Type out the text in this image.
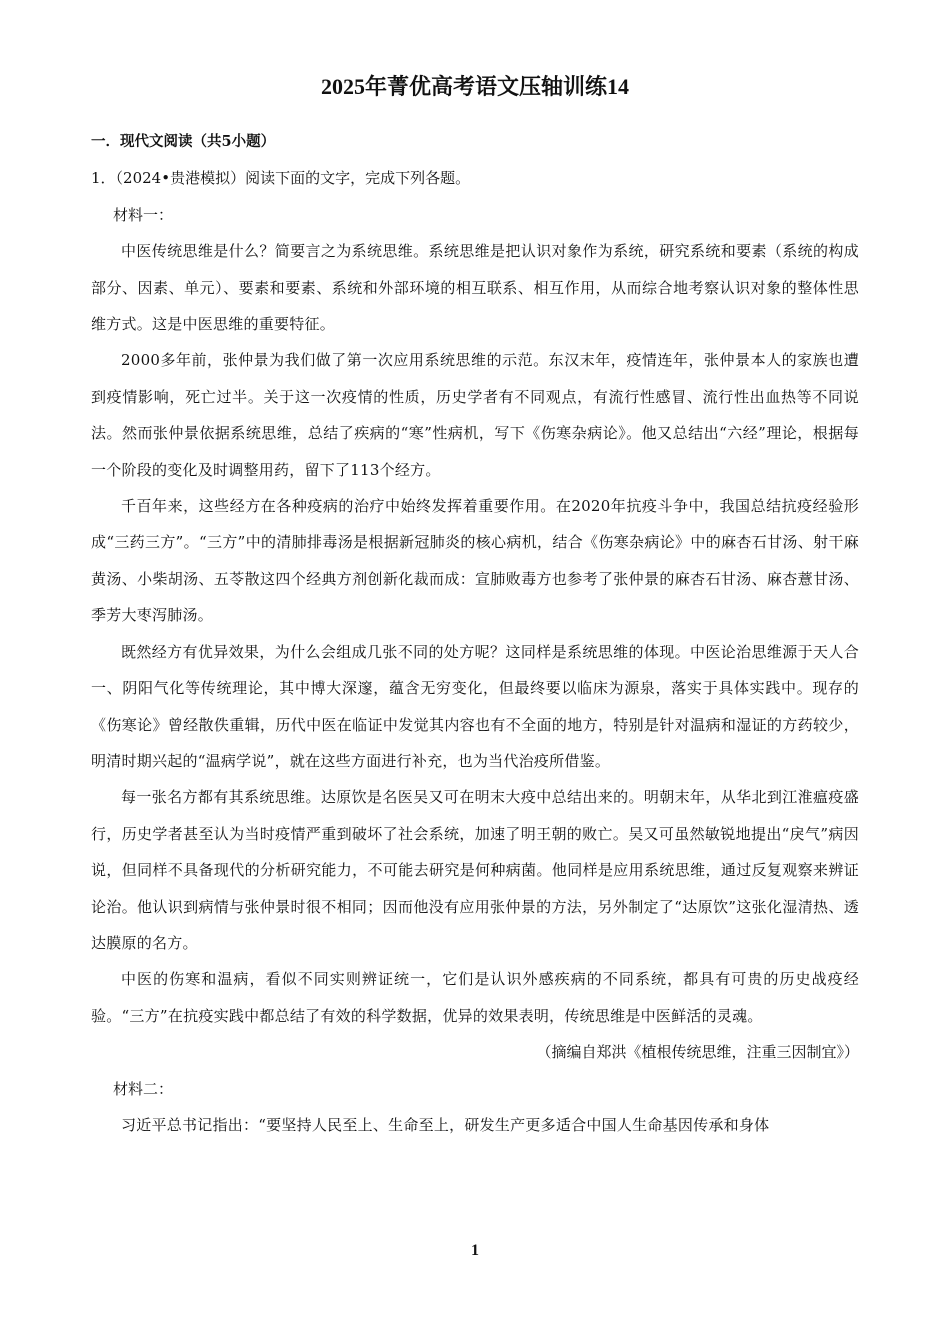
2025年菁优高考语文压轴训练14

一．现代文阅读（共5小题）

1．（2024•贵港模拟）阅读下面的文字，完成下列各题。

材料一：

中医传统思维是什么？简要言之为系统思维。系统思维是把认识对象作为系统，研究系统和要素（系统的构成部分、因素、单元）、要素和要素、系统和外部环境的相互联系、相互作用，从而综合地考察认识对象的整体性思维方式。这是中医思维的重要特征。

2000多年前，张仲景为我们做了第一次应用系统思维的示范。东汉末年，疫情连年，张仲景本人的家族也遭到疫情影响，死亡过半。关于这一次疫情的性质，历史学者有不同观点，有流行性感冒、流行性出血热等不同说法。然而张仲景依据系统思维，总结了疾病的“寒”性病机，写下《伤寒杂病论》。他又总结出“六经”理论，根据每一个阶段的变化及时调整用药，留下了113个经方。

千百年来，这些经方在各种疫病的治疗中始终发挥着重要作用。在2020年抗疫斗争中，我国总结抗疫经验形成“三药三方”。“三方”中的清肺排毒汤是根据新冠肺炎的核心病机，结合《伤寒杂病论》中的麻杏石甘汤、射干麻黄汤、小柴胡汤、五苓散这四个经典方剂创新化裁而成：宣肺败毒方也参考了张仲景的麻杏石甘汤、麻杏薏甘汤、季芳大枣泻肺汤。

既然经方有优异效果，为什么会组成几张不同的处方呢？这同样是系统思维的体现。中医论治思维源于天人合一、阴阳气化等传统理论，其中博大深邃，蕴含无穷变化，但最终要以临床为源泉，落实于具体实践中。现存的《伤寒论》曾经散佚重辑，历代中医在临证中发觉其内容也有不全面的地方，特别是针对温病和湿证的方药较少，明清时期兴起的“温病学说”，就在这些方面进行补充，也为当代治疫所借鉴。

每一张名方都有其系统思维。达原饮是名医吴又可在明末大疫中总结出来的。明朝末年，从华北到江淮瘟疫盛行，历史学者甚至认为当时疫情严重到破坏了社会系统，加速了明王朝的败亡。吴又可虽然敏锐地提出“戾气”病因说，但同样不具备现代的分析研究能力，不可能去研究是何种病菌。他同样是应用系统思维，通过反复观察来辨证论治。他认识到病情与张仲景时很不相同；因而他没有应用张仲景的方法，另外制定了“达原饮”这张化湿清热、透达膜原的名方。

中医的伤寒和温病，看似不同实则辨证统一，它们是认识外感疾病的不同系统，都具有可贵的历史战疫经验。“三方”在抗疫实践中都总结了有效的科学数据，优异的效果表明，传统思维是中医鲜活的灵魂。

（摘编自郑洪《植根传统思维，注重三因制宜》）

材料二：

习近平总书记指出：“要坚持人民至上、生命至上，研发生产更多适合中国人生命基因传承和身体

1
